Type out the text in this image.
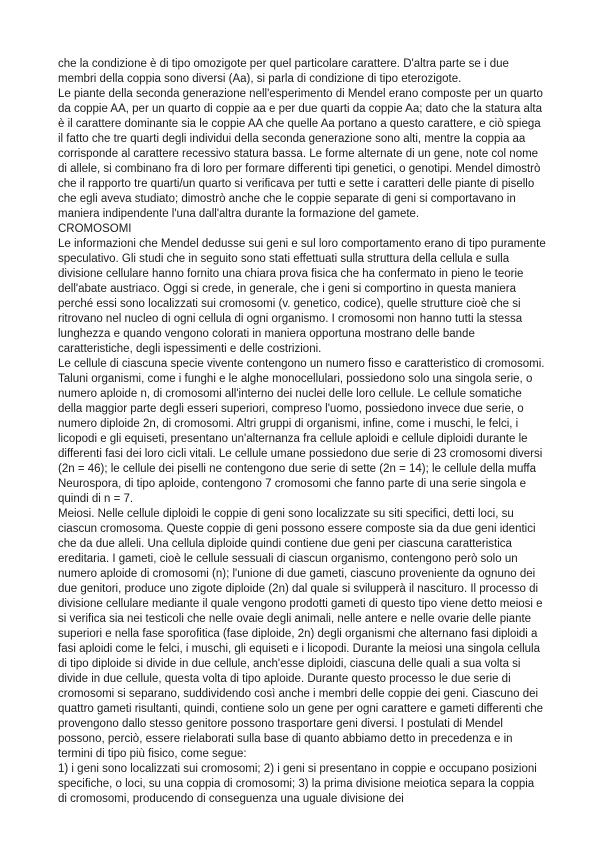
che la condizione è di tipo omozigote per quel particolare carattere. D'altra parte se i due membri della coppia sono diversi (Aa), si parla di condizione di tipo eterozigote.

Le piante della seconda generazione nell'esperimento di Mendel erano composte per un quarto da coppie AA, per un quarto di coppie aa e per due quarti da coppie Aa; dato che la statura alta è il carattere dominante sia le coppie AA che quelle Aa portano a questo carattere, e ciò spiega il fatto che tre quarti degli individui della seconda generazione sono alti, mentre la coppia aa corrisponde al carattere recessivo statura bassa. Le forme alternate di un gene, note col nome di allele, si combinano fra di loro per formare differenti tipi genetici, o genotipi. Mendel dimostrò che il rapporto tre quarti/un quarto si verificava per tutti e sette i caratteri delle piante di pisello che egli aveva studiato; dimostrò anche che le coppie separate di geni si comportavano in maniera indipendente l'una dall'altra durante la formazione del gamete.

CROMOSOMI

Le informazioni che Mendel dedusse sui geni e sul loro comportamento erano di tipo puramente speculativo. Gli studi che in seguito sono stati effettuati sulla struttura della cellula e sulla divisione cellulare hanno fornito una chiara prova fisica che ha confermato in pieno le teorie dell'abate austriaco. Oggi si crede, in generale, che i geni si comportino in questa maniera perché essi sono localizzati sui cromosomi (v. genetico, codice), quelle strutture cioè che si ritrovano nel nucleo di ogni cellula di ogni organismo. I cromosomi non hanno tutti la stessa lunghezza e quando vengono colorati in maniera opportuna mostrano delle bande caratteristiche, degli ispessimenti e delle costrizioni.

Le cellule di ciascuna specie vivente contengono un numero fisso e caratteristico di cromosomi. Taluni organismi, come i funghi e le alghe monocellulari, possiedono solo una singola serie, o numero aploide n, di cromosomi all'interno dei nuclei delle loro cellule. Le cellule somatiche della maggior parte degli esseri superiori, compreso l'uomo, possiedono invece due serie, o numero diploide 2n, di cromosomi. Altri gruppi di organismi, infine, come i muschi, le felci, i licopodi e gli equiseti, presentano un'alternanza fra cellule aploidi e cellule diploidi durante le differenti fasi dei loro cicli vitali. Le cellule umane possiedono due serie di 23 cromosomi diversi (2n = 46); le cellule dei piselli ne contengono due serie di sette (2n = 14); le cellule della muffa Neurospora, di tipo aploide, contengono 7 cromosomi che fanno parte di una serie singola e quindi di n = 7.

Meiosi. Nelle cellule diploidi le coppie di geni sono localizzate su siti specifici, detti loci, su ciascun cromosoma. Queste coppie di geni possono essere composte sia da due geni identici che da due alleli. Una cellula diploide quindi contiene due geni per ciascuna caratteristica ereditaria. I gameti, cioè le cellule sessuali di ciascun organismo, contengono però solo un numero aploide di cromosomi (n); l'unione di due gameti, ciascuno proveniente da ognuno dei due genitori, produce uno zigote diploide (2n) dal quale si svilupperà il nascituro. Il processo di divisione cellulare mediante il quale vengono prodotti gameti di questo tipo viene detto meiosi e si verifica sia nei testicoli che nelle ovaie degli animali, nelle antere e nelle ovarie delle piante superiori e nella fase sporofitica (fase diploide, 2n) degli organismi che alternano fasi diploidi a fasi aploidi come le felci, i muschi, gli equiseti e i licopodi. Durante la meiosi una singola cellula di tipo diploide si divide in due cellule, anch'esse diploidi, ciascuna delle quali a sua volta si divide in due cellule, questa volta di tipo aploide. Durante questo processo le due serie di cromosomi si separano, suddividendo così anche i membri delle coppie dei geni. Ciascuno dei quattro gameti risultanti, quindi, contiene solo un gene per ogni carattere e gameti differenti che provengono dallo stesso genitore possono trasportare geni diversi. I postulati di Mendel possono, perciò, essere rielaborati sulla base di quanto abbiamo detto in precedenza e in termini di tipo più fisico, come segue:

1) i geni sono localizzati sui cromosomi; 2) i geni si presentano in coppie e occupano posizioni specifiche, o loci, su una coppia di cromosomi; 3) la prima divisione meiotica separa la coppia di cromosomi, producendo di conseguenza una uguale divisione dei
